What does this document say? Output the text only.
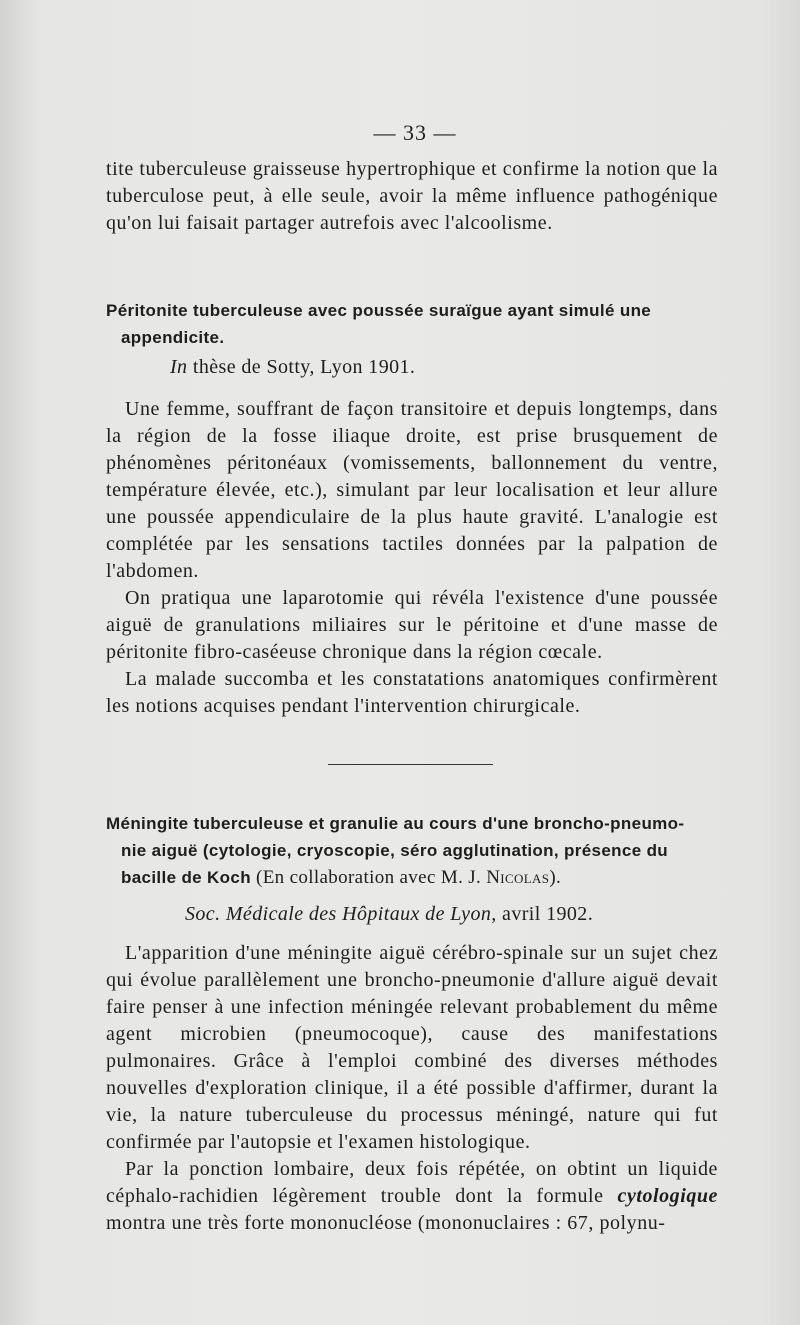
— 33 —

tite tuberculeuse graisseuse hypertrophique et confirme la notion que la tuberculose peut, à elle seule, avoir la même influence pathogénique qu'on lui faisait partager autrefois avec l'alcoolisme.

Péritonite tuberculeuse avec poussée suraïgue ayant simulé une
appendicite.
In thèse de Sotty, Lyon 1901.

Une femme, souffrant de façon transitoire et depuis longtemps, dans la région de la fosse iliaque droite, est prise brusquement de phénomènes péritonéaux (vomissements, ballonnement du ventre, température élevée, etc.), simulant par leur localisation et leur allure une poussée appendiculaire de la plus haute gravité. L'analogie est complétée par les sensations tactiles données par la palpation de l'abdomen.

On pratiqua une laparotomie qui révéla l'existence d'une poussée aiguë de granulations miliaires sur le péritoine et d'une masse de péritonite fibro-caséeuse chronique dans la région cœcale.

La malade succomba et les constatations anatomiques confirmèrent les notions acquises pendant l'intervention chirurgicale.

Méningite tuberculeuse et granulie au cours d'une broncho-pneumo-
nie aiguë (cytologie, cryoscopie, séro agglutination, présence du
bacille de Koch (En collaboration avec M. J. Nicolas).
Soc. Médicale des Hôpitaux de Lyon, avril 1902.

L'apparition d'une méningite aiguë cérébro-spinale sur un sujet chez qui évolue parallèlement une broncho-pneumonie d'allure aiguë devait faire penser à une infection méningée relevant probablement du même agent microbien (pneumocoque), cause des manifestations pulmonaires. Grâce à l'emploi combiné des diverses méthodes nouvelles d'exploration clinique, il a été possible d'affirmer, durant la vie, la nature tuberculeuse du processus méningé, nature qui fut confirmée par l'autopsie et l'examen histologique.

Par la ponction lombaire, deux fois répétée, on obtint un liquide céphalo-rachidien légèrement trouble dont la formule cytologique montra une très forte mononucléose (mononuclaires : 67, polynu-
